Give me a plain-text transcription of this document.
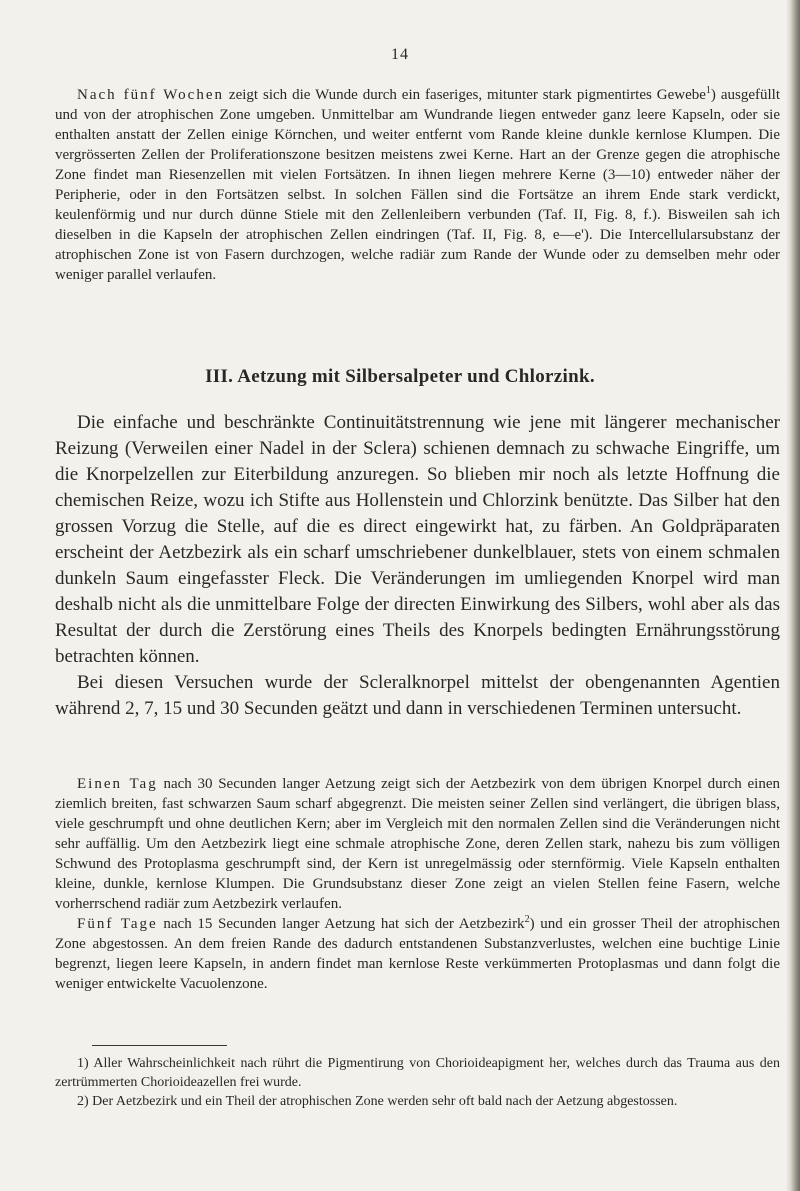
14

Nach fünf Wochen zeigt sich die Wunde durch ein faseriges, mitunter stark pigmentirtes Gewebe$^1$) ausgefüllt und von der atrophischen Zone umgeben. Unmittelbar am Wundrande liegen entweder ganz leere Kapseln, oder sie enthalten anstatt der Zellen einige Körnchen, und weiter entfernt vom Rande kleine dunkle kernlose Klumpen. Die vergrösserten Zellen der Proliferationszone besitzen meistens zwei Kerne. Hart an der Grenze gegen die atrophische Zone findet man Riesenzellen mit vielen Fortsätzen. In ihnen liegen mehrere Kerne (3—10) entweder näher der Peripherie, oder in den Fortsätzen selbst. In solchen Fällen sind die Fortsätze an ihrem Ende stark verdickt, keulenförmig und nur durch dünne Stiele mit den Zellenleibern verbunden (Taf. II, Fig. 8, f.). Bisweilen sah ich dieselben in die Kapseln der atrophischen Zellen eindringen (Taf. II, Fig. 8, e—e'). Die Intercellularsubstanz der atrophischen Zone ist von Fasern durchzogen, welche radiär zum Rande der Wunde oder zu demselben mehr oder weniger parallel verlaufen.

III. Aetzung mit Silbersalpeter und Chlorzink.

Die einfache und beschränkte Continuitätstrennung wie jene mit längerer mechanischer Reizung (Verweilen einer Nadel in der Sclera) schienen demnach zu schwache Eingriffe, um die Knorpelzellen zur Eiterbildung anzuregen. So blieben mir noch als letzte Hoffnung die chemischen Reize, wozu ich Stifte aus Hollenstein und Chlorzink benützte. Das Silber hat den grossen Vorzug die Stelle, auf die es direct eingewirkt hat, zu färben. An Goldpräparaten erscheint der Aetzbezirk als ein scharf umschriebener dunkelblauer, stets von einem schmalen dunkeln Saum eingefasster Fleck. Die Veränderungen im umliegenden Knorpel wird man deshalb nicht als die unmittelbare Folge der directen Einwirkung des Silbers, wohl aber als das Resultat der durch die Zerstörung eines Theils des Knorpels bedingten Ernährungsstörung betrachten können.

Bei diesen Versuchen wurde der Scleralknorpel mittelst der obengenannten Agentien während 2, 7, 15 und 30 Secunden geätzt und dann in verschiedenen Terminen untersucht.

Einen Tag nach 30 Secunden langer Aetzung zeigt sich der Aetzbezirk von dem übrigen Knorpel durch einen ziemlich breiten, fast schwarzen Saum scharf abgegrenzt. Die meisten seiner Zellen sind verlängert, die übrigen blass, viele geschrumpft und ohne deutlichen Kern; aber im Vergleich mit den normalen Zellen sind die Veränderungen nicht sehr auffällig. Um den Aetzbezirk liegt eine schmale atrophische Zone, deren Zellen stark, nahezu bis zum völligen Schwund des Protoplasma geschrumpft sind, der Kern ist unregelmässig oder sternförmig. Viele Kapseln enthalten kleine, dunkle, kernlose Klumpen. Die Grundsubstanz dieser Zone zeigt an vielen Stellen feine Fasern, welche vorherrschend radiär zum Aetzbezirk verlaufen.

Fünf Tage nach 15 Secunden langer Aetzung hat sich der Aetzbezirk$^2$) und ein grosser Theil der atrophischen Zone abgestossen. An dem freien Rande des dadurch entstandenen Substanzverlustes, welchen eine buchtige Linie begrenzt, liegen leere Kapseln, in andern findet man kernlose Reste verkümmerten Protoplasmas und dann folgt die weniger entwickelte Vacuolenzone.

1) Aller Wahrscheinlichkeit nach rührt die Pigmentirung von Chorioideapigment her, welches durch das Trauma aus den zertrümmerten Chorioideazellen frei wurde.

2) Der Aetzbezirk und ein Theil der atrophischen Zone werden sehr oft bald nach der Aetzung abgestossen.
